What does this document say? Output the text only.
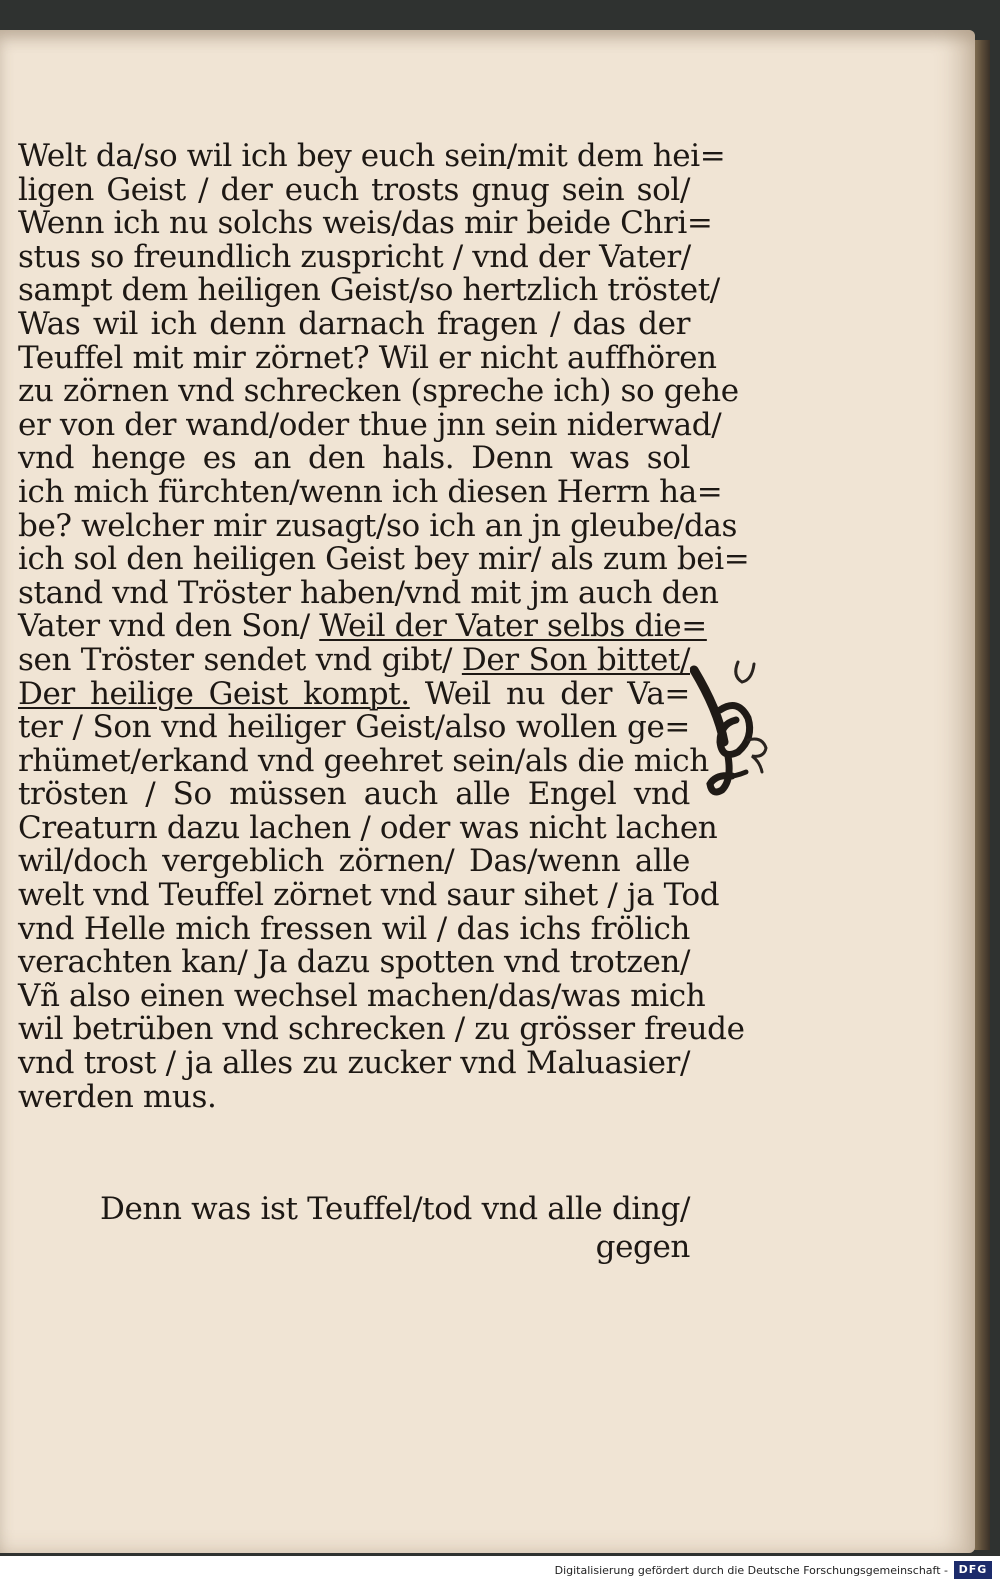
Welt da/so wil ich bey euch sein/mit dem hei=
ligen Geist / der euch trosts gnug sein sol/
Wenn ich nu solchs weis/das mir beide Chri=
stus so freundlich zuspricht / vnd der Vater/
sampt dem heiligen Geist/so hertzlich tröstet/
Was wil ich denn darnach fragen / das der
Teuffel mit mir zörnet? Wil er nicht auffhören
zu zörnen vnd schrecken (spreche ich) so gehe
er von der wand/oder thue jnn sein niderwad/
vnd henge es an den hals. Denn was sol
ich mich fürchten/wenn ich diesen Herrn ha=
be? welcher mir zusagt/so ich an jn gleube/das
ich sol den heiligen Geist bey mir/ als zum bei=
stand vnd Tröster haben/vnd mit jm auch den
Vater vnd den Son/ Weil der Vater selbs die=
sen Tröster sendet vnd gibt/ Der Son bittet/
Der heilige Geist kompt. Weil nu der Va=
ter / Son vnd heiliger Geist/also wollen ge=
rhümet/erkand vnd geehret sein/als die mich
trösten / So müssen auch alle Engel vnd
Creaturn dazu lachen / oder was nicht lachen
wil/doch vergeblich zörnen/ Das/wenn alle
welt vnd Teuffel zörnet vnd saur sihet / ja Tod
vnd Helle mich fressen wil / das ichs frölich
verachten kan/ Ja dazu spotten vnd trotzen/
Vñ also einen wechsel machen/das/was mich
wil betrüben vnd schrecken / zu grösser freude
vnd trost / ja alles zu zucker vnd Maluasier/
werden mus.
Denn was ist Teuffel/tod vnd alle ding/
gegen

Digitalisierung gefördert durch die Deutsche Forschungsgemeinschaft - DFG
